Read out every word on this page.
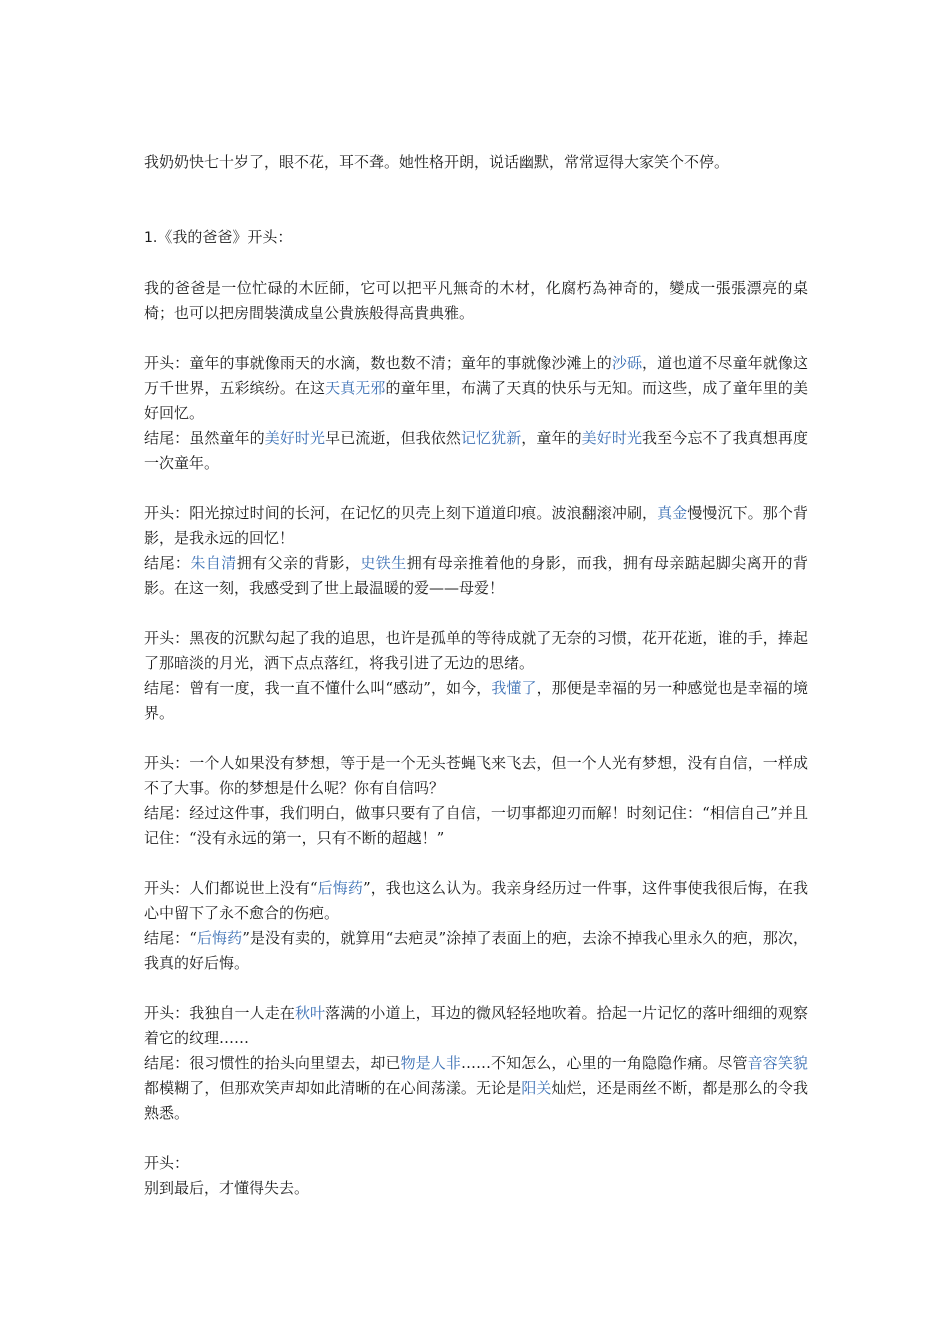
我奶奶快七十岁了，眼不花，耳不聋。她性格开朗，说话幽默，常常逗得大家笑个不停。

1.《我的爸爸》开头：

我的爸爸是一位忙碌的木匠師，它可以把平凡無奇的木材，化腐朽為神奇的，變成一張張漂亮的桌椅；也可以把房間裝潢成皇公貴族般得高貴典雅。

开头：童年的事就像雨天的水滴，数也数不清；童年的事就像沙滩上的沙砾，道也道不尽童年就像这万千世界，五彩缤纷。在这天真无邪的童年里，布满了天真的快乐与无知。而这些，成了童年里的美好回忆。

结尾：虽然童年的美好时光早已流逝，但我依然记忆犹新，童年的美好时光我至今忘不了我真想再度一次童年。

开头：阳光掠过时间的长河，在记忆的贝壳上刻下道道印痕。波浪翻滚冲刷，真金慢慢沉下。那个背影，是我永远的回忆！

结尾：朱自清拥有父亲的背影，史铁生拥有母亲推着他的身影，而我，拥有母亲踮起脚尖离开的背影。在这一刻，我感受到了世上最温暖的爱——母爱！

开头：黑夜的沉默勾起了我的追思，也许是孤单的等待成就了无奈的习惯，花开花逝，谁的手，捧起了那暗淡的月光，洒下点点落红，将我引进了无边的思绪。

结尾：曾有一度，我一直不懂什么叫“感动”，如今，我懂了，那便是幸福的另一种感觉也是幸福的境界。

开头：一个人如果没有梦想，等于是一个无头苍蝇飞来飞去，但一个人光有梦想，没有自信，一样成不了大事。你的梦想是什么呢？你有自信吗？

结尾：经过这件事，我们明白，做事只要有了自信，一切事都迎刃而解！时刻记住：“相信自己”并且记住：“没有永远的第一，只有不断的超越！”

开头：人们都说世上没有“后悔药”，我也这么认为。我亲身经历过一件事，这件事使我很后悔，在我心中留下了永不愈合的伤疤。

结尾：“后悔药”是没有卖的，就算用“去疤灵”涂掉了表面上的疤，去涂不掉我心里永久的疤，那次，我真的好后悔。

开头：我独自一人走在秋叶落满的小道上，耳边的微风轻轻地吹着。拾起一片记忆的落叶细细的观察着它的纹理……

结尾：很习惯性的抬头向里望去，却已物是人非……不知怎么，心里的一角隐隐作痛。尽管音容笑貌都模糊了，但那欢笑声却如此清晰的在心间荡漾。无论是阳关灿烂，还是雨丝不断，都是那么的令我熟悉。

开头：

别到最后，才懂得失去。
